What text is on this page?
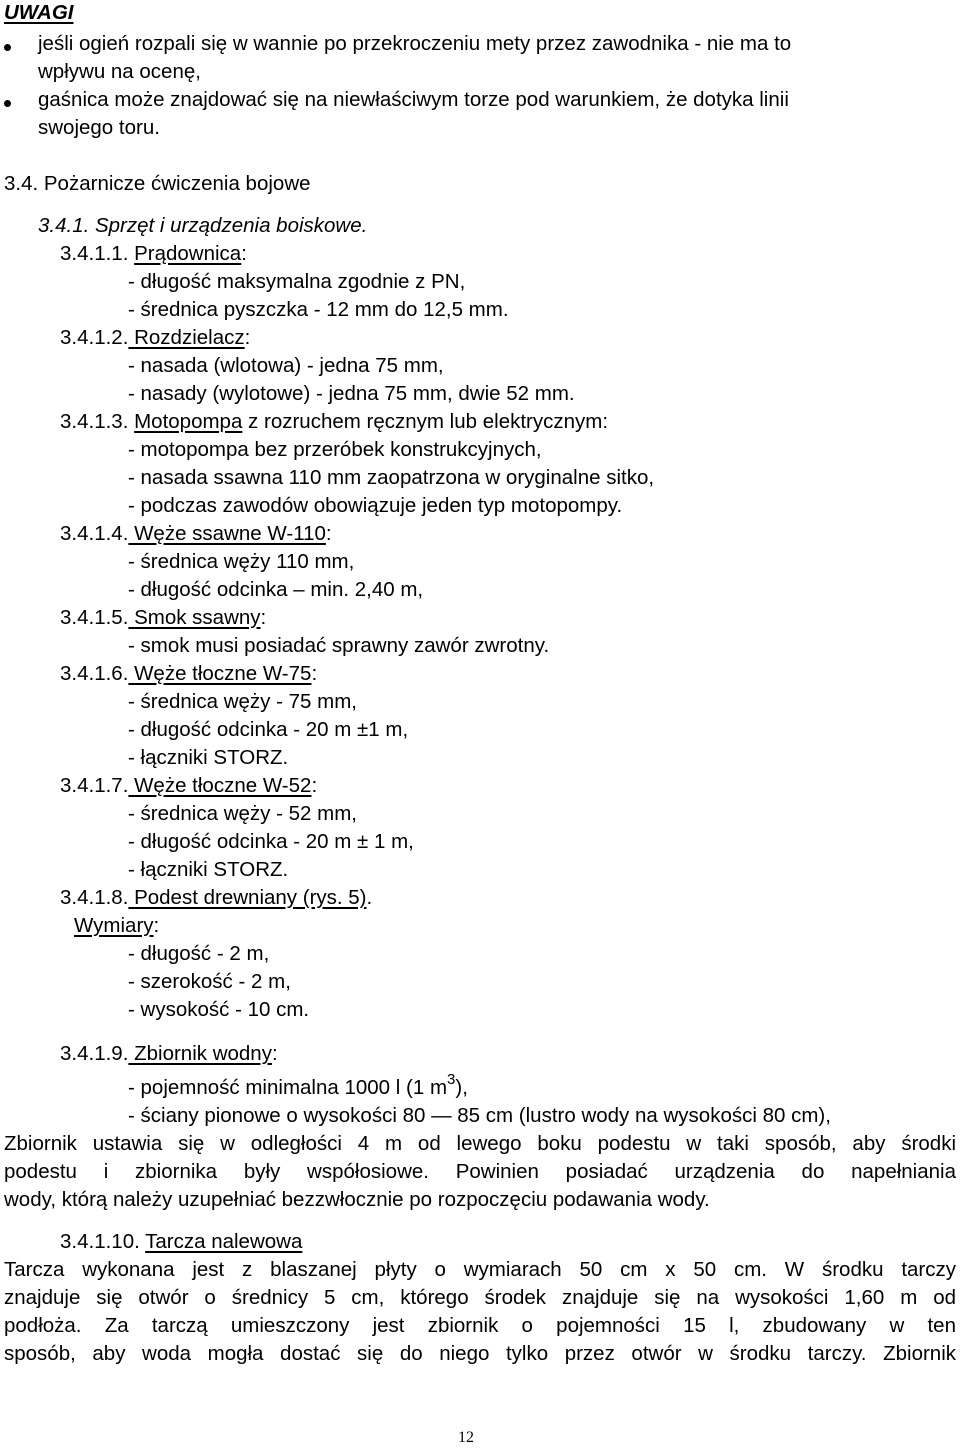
UWAGI
jeśli ogień rozpali się w wannie po przekroczeniu mety przez zawodnika - nie ma to
wpływu na ocenę,
gaśnica może znajdować się na niewłaściwym torze pod warunkiem, że dotyka linii
swojego toru.
3.4. Pożarnicze ćwiczenia bojowe
3.4.1. Sprzęt i urządzenia boiskowe.
3.4.1.1. Prądownica:
- długość maksymalna zgodnie z PN,
- średnica pyszczka - 12 mm do 12,5 mm.
3.4.1.2. Rozdzielacz:
- nasada (wlotowa) - jedna 75 mm,
- nasady (wylotowe) - jedna 75 mm, dwie 52 mm.
3.4.1.3. Motopompa z rozruchem ręcznym lub elektrycznym:
- motopompa bez przeróbek konstrukcyjnych,
- nasada ssawna 110 mm zaopatrzona w oryginalne sitko,
- podczas zawodów obowiązuje jeden typ motopompy.
3.4.1.4. Węże ssawne W-110:
- średnica węży 110 mm,
- długość odcinka – min. 2,40 m,
3.4.1.5. Smok ssawny:
- smok musi posiadać sprawny zawór zwrotny.
3.4.1.6. Węże tłoczne W-75:
- średnica węży - 75 mm,
- długość odcinka - 20 m ±1 m,
- łączniki STORZ.
3.4.1.7. Węże tłoczne W-52:
- średnica węży - 52 mm,
- długość odcinka - 20 m ± 1 m,
- łączniki STORZ.
3.4.1.8. Podest drewniany (rys. 5).
Wymiary:
- długość - 2 m,
- szerokość - 2 m,
- wysokość - 10 cm.
3.4.1.9. Zbiornik wodny:
- pojemność minimalna 1000 l (1 $m^3$),
- ściany pionowe o wysokości 80 — 85 cm (lustro wody na wysokości 80 cm),
Zbiornik ustawia się w odległości 4 m od lewego boku podestu w taki sposób, aby środki
podestu i zbiornika były współosiowe. Powinien posiadać urządzenia do napełniania
wody, którą należy uzupełniać bezzwłocznie po rozpoczęciu podawania wody.
3.4.1.10. Tarcza nalewowa
Tarcza wykonana jest z blaszanej płyty o wymiarach 50 cm x 50 cm. W środku tarczy
znajduje się otwór o średnicy 5 cm, którego środek znajduje się na wysokości 1,60 m od
podłoża. Za tarczą umieszczony jest zbiornik o pojemności 15 l, zbudowany w ten
sposób, aby woda mogła dostać się do niego tylko przez otwór w środku tarczy. Zbiornik
12
